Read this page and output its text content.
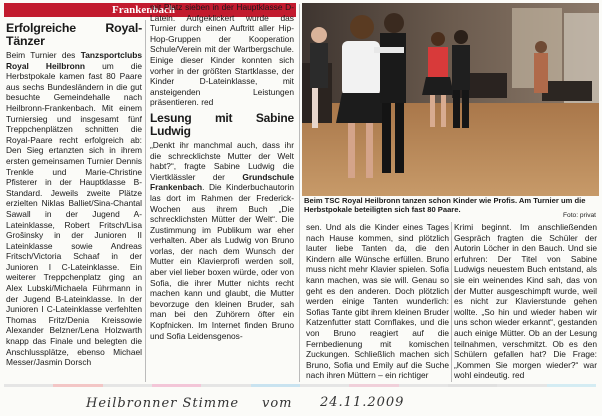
Frankenbach
Erfolgreiche Royal-Tänzer

Beim Turnier des Tanzsportclubs Royal Heilbronn um die Herbstpokale kamen fast 80 Paare aus sechs Bundesländern in die gut besuchte Gemeindehalle nach Heilbronn-Frankenbach. Mit einem Turniersieg und insgesamt fünf Treppchenplätzen schnitten die Royal-Paare recht erfolgreich ab: Den Sieg ertanzten sich in ihrem ersten gemeinsamen Turnier Dennis Trenkle und Marie-Christine Pfisterer in der Hauptklasse B-Standard. Jeweils zweite Plätze erzielten Niklas Balliet/Sina-Chantal Sawall in der Jugend A-Lateinklasse, Robert Fritsch/Lisa Grošinsky in der Junioren II Lateinklasse sowie Andreas Fritsch/Victoria Schaaf in der Junioren I C-Lateinklasse. Ein weiterer Treppchenplatz ging an Alex Lubski/Michaela Führmann in der Jugend B-Lateinklasse. In der Junioren I C-Lateinklasse verfehlten Thomas Fritz/Denia Kreissowie Alexander Belzner/Lena Holzwarth knapp das Finale und belegten die Anschlussplätze, ebenso Michael Messer/Jasmin Dorsch

mit Platz sieben in der Hauptklasse D-Latein. Aufgeklickert wurde das Turnier durch einen Auftritt aller Hip-Hop-Gruppen der Kooperation Schule/Verein mit der Wartbergschule. Einige dieser Kinder konnten sich vorher in der größten Startklasse, der Kinder D-Lateinklasse, mit ansteigenden Leistungen präsentieren. red

Lesung mit Sabine Ludwig

„Denkt ihr manchmal auch, dass ihr die schrecklichste Mutter der Welt habt?“, fragte Sabine Ludwig die Viertklässler der Grundschule Frankenbach. Die Kinderbuchautorin las dort im Rahmen der Frederick-Wochen aus ihrem Buch „Die schrecklichsten Mütter der Welt“. Die Zustimmung im Publikum war eher verhalten. Aber als Ludwig von Bruno vorlas, der nach dem Wunsch der Mutter ein Klavierprofi werden soll, aber viel lieber boxen würde, oder von Sofia, die ihrer Mutter nichts recht machen kann und glaubt, die Mutter bevorzuge den kleinen Bruder, sah man bei den Zuhörern öfter ein Kopfnicken. Im Internet finden Bruno und Sofia Leidensgenos-

Beim TSC Royal Heilbronn tanzen schon Kinder wie Profis. Am Turnier um die Herbstpokale beteiligten sich fast 80 Paare.
Foto: privat

sen. Und als die Kinder eines Tages nach Hause kommen, sind plötzlich lauter liebe Tanten da, die den Kindern alle Wünsche erfüllen. Bruno muss nicht mehr Klavier spielen. Sofia kann machen, was sie will. Genau so geht es den anderen. Doch plötzlich werden einige Tanten wunderlich: Sofias Tante gibt ihrem kleinen Bruder Katzenfutter statt Cornflakes, und die von Bruno reagiert auf die Fernbedienung mit komischen Zuckungen. Schließlich machen sich Bruno, Sofia und Emily auf die Suche nach ihren Müttern – ein richtiger

Krimi beginnt. Im anschließenden Gespräch fragten die Schüler der Autorin Löcher in den Bauch. Und sie erfuhren: Der Titel von Sabine Ludwigs neuestem Buch entstand, als sie ein weinendes Kind sah, das von der Mutter ausgeschimpft wurde, weil es nicht zur Klavierstunde gehen wollte. „So hin und wieder haben wir uns schon wieder erkannt“, gestanden auch einige Mütter. Ob an der Lesung teilnahmen, verschmitzt. Ob es den Schülern gefallen hat? Die Frage: „Kommen Sie morgen wieder?“ war wohl eindeutig. red

Heilbronner Stimme vom 24.11.2009
